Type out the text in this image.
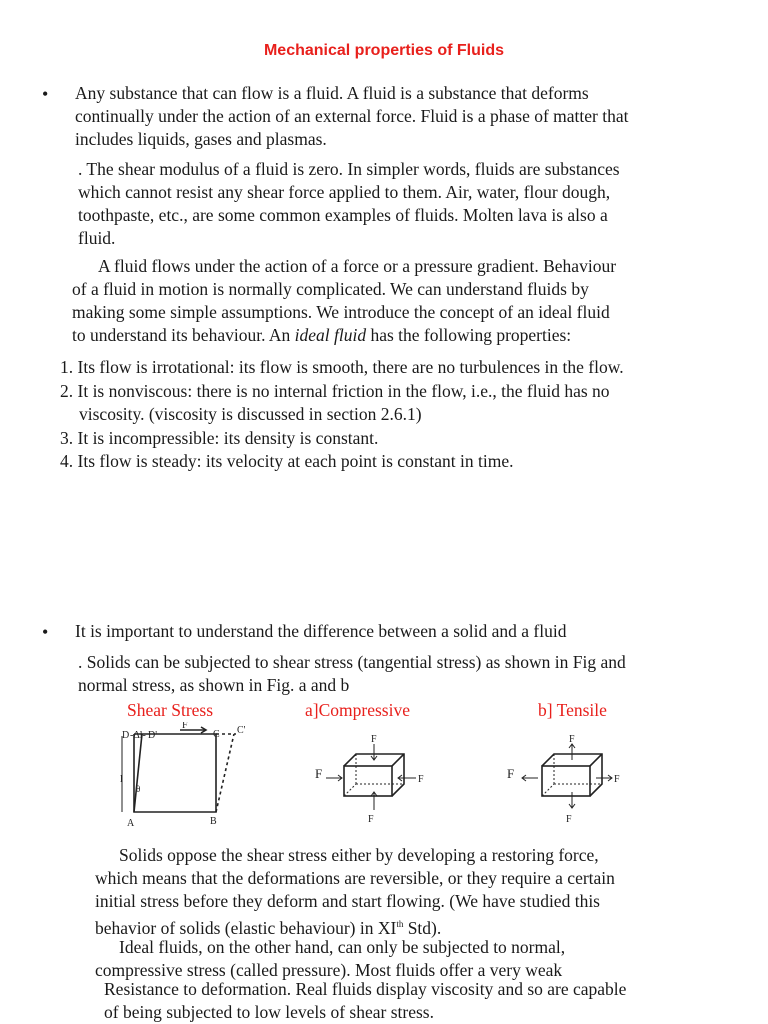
Mechanical properties of Fluids
• Any substance that can flow is a fluid. A fluid is a substance that deforms
continually under the action of an external force. Fluid is a phase of matter that
includes liquids, gases and plasmas.
. The shear modulus of a fluid is zero. In simpler words, fluids are substances
which cannot resist any shear force applied to them. Air, water, flour dough,
toothpaste, etc., are some common examples of fluids. Molten lava is also a
fluid.
A fluid flows under the action of a force or a pressure gradient. Behaviour
of a fluid in motion is normally complicated. We can understand fluids by
making some simple assumptions. We introduce the concept of an ideal fluid
to understand its behaviour. An ideal fluid has the following properties:
1. Its flow is irrotational: its flow is smooth, there are no turbulences in the flow.
2. It is nonviscous: there is no internal friction in the flow, i.e., the fluid has no
viscosity. (viscosity is discussed in section 2.6.1)
3. It is incompressible: its density is constant.
4. Its flow is steady: its velocity at each point is constant in time.
• It is important to understand the difference between a solid and a fluid
. Solids can be subjected to shear stress (tangential stress) as shown in Fig and
normal stress, as shown in Fig. a and b
Shear Stress	a]Compressive	b] Tensile
D -Δl- D'
F
C C'
l
θ
A	B
F
F	F
F
F
F	F
F
Solids oppose the shear stress either by developing a restoring force,
which means that the deformations are reversible, or they require a certain
initial stress before they deform and start flowing. (We have studied this
behavior of solids (elastic behaviour) in XIth Std).
Ideal fluids, on the other hand, can only be subjected to normal,
compressive stress (called pressure). Most fluids offer a very weak
Resistance to deformation. Real fluids display viscosity and so are capable
of being subjected to low levels of shear stress.
